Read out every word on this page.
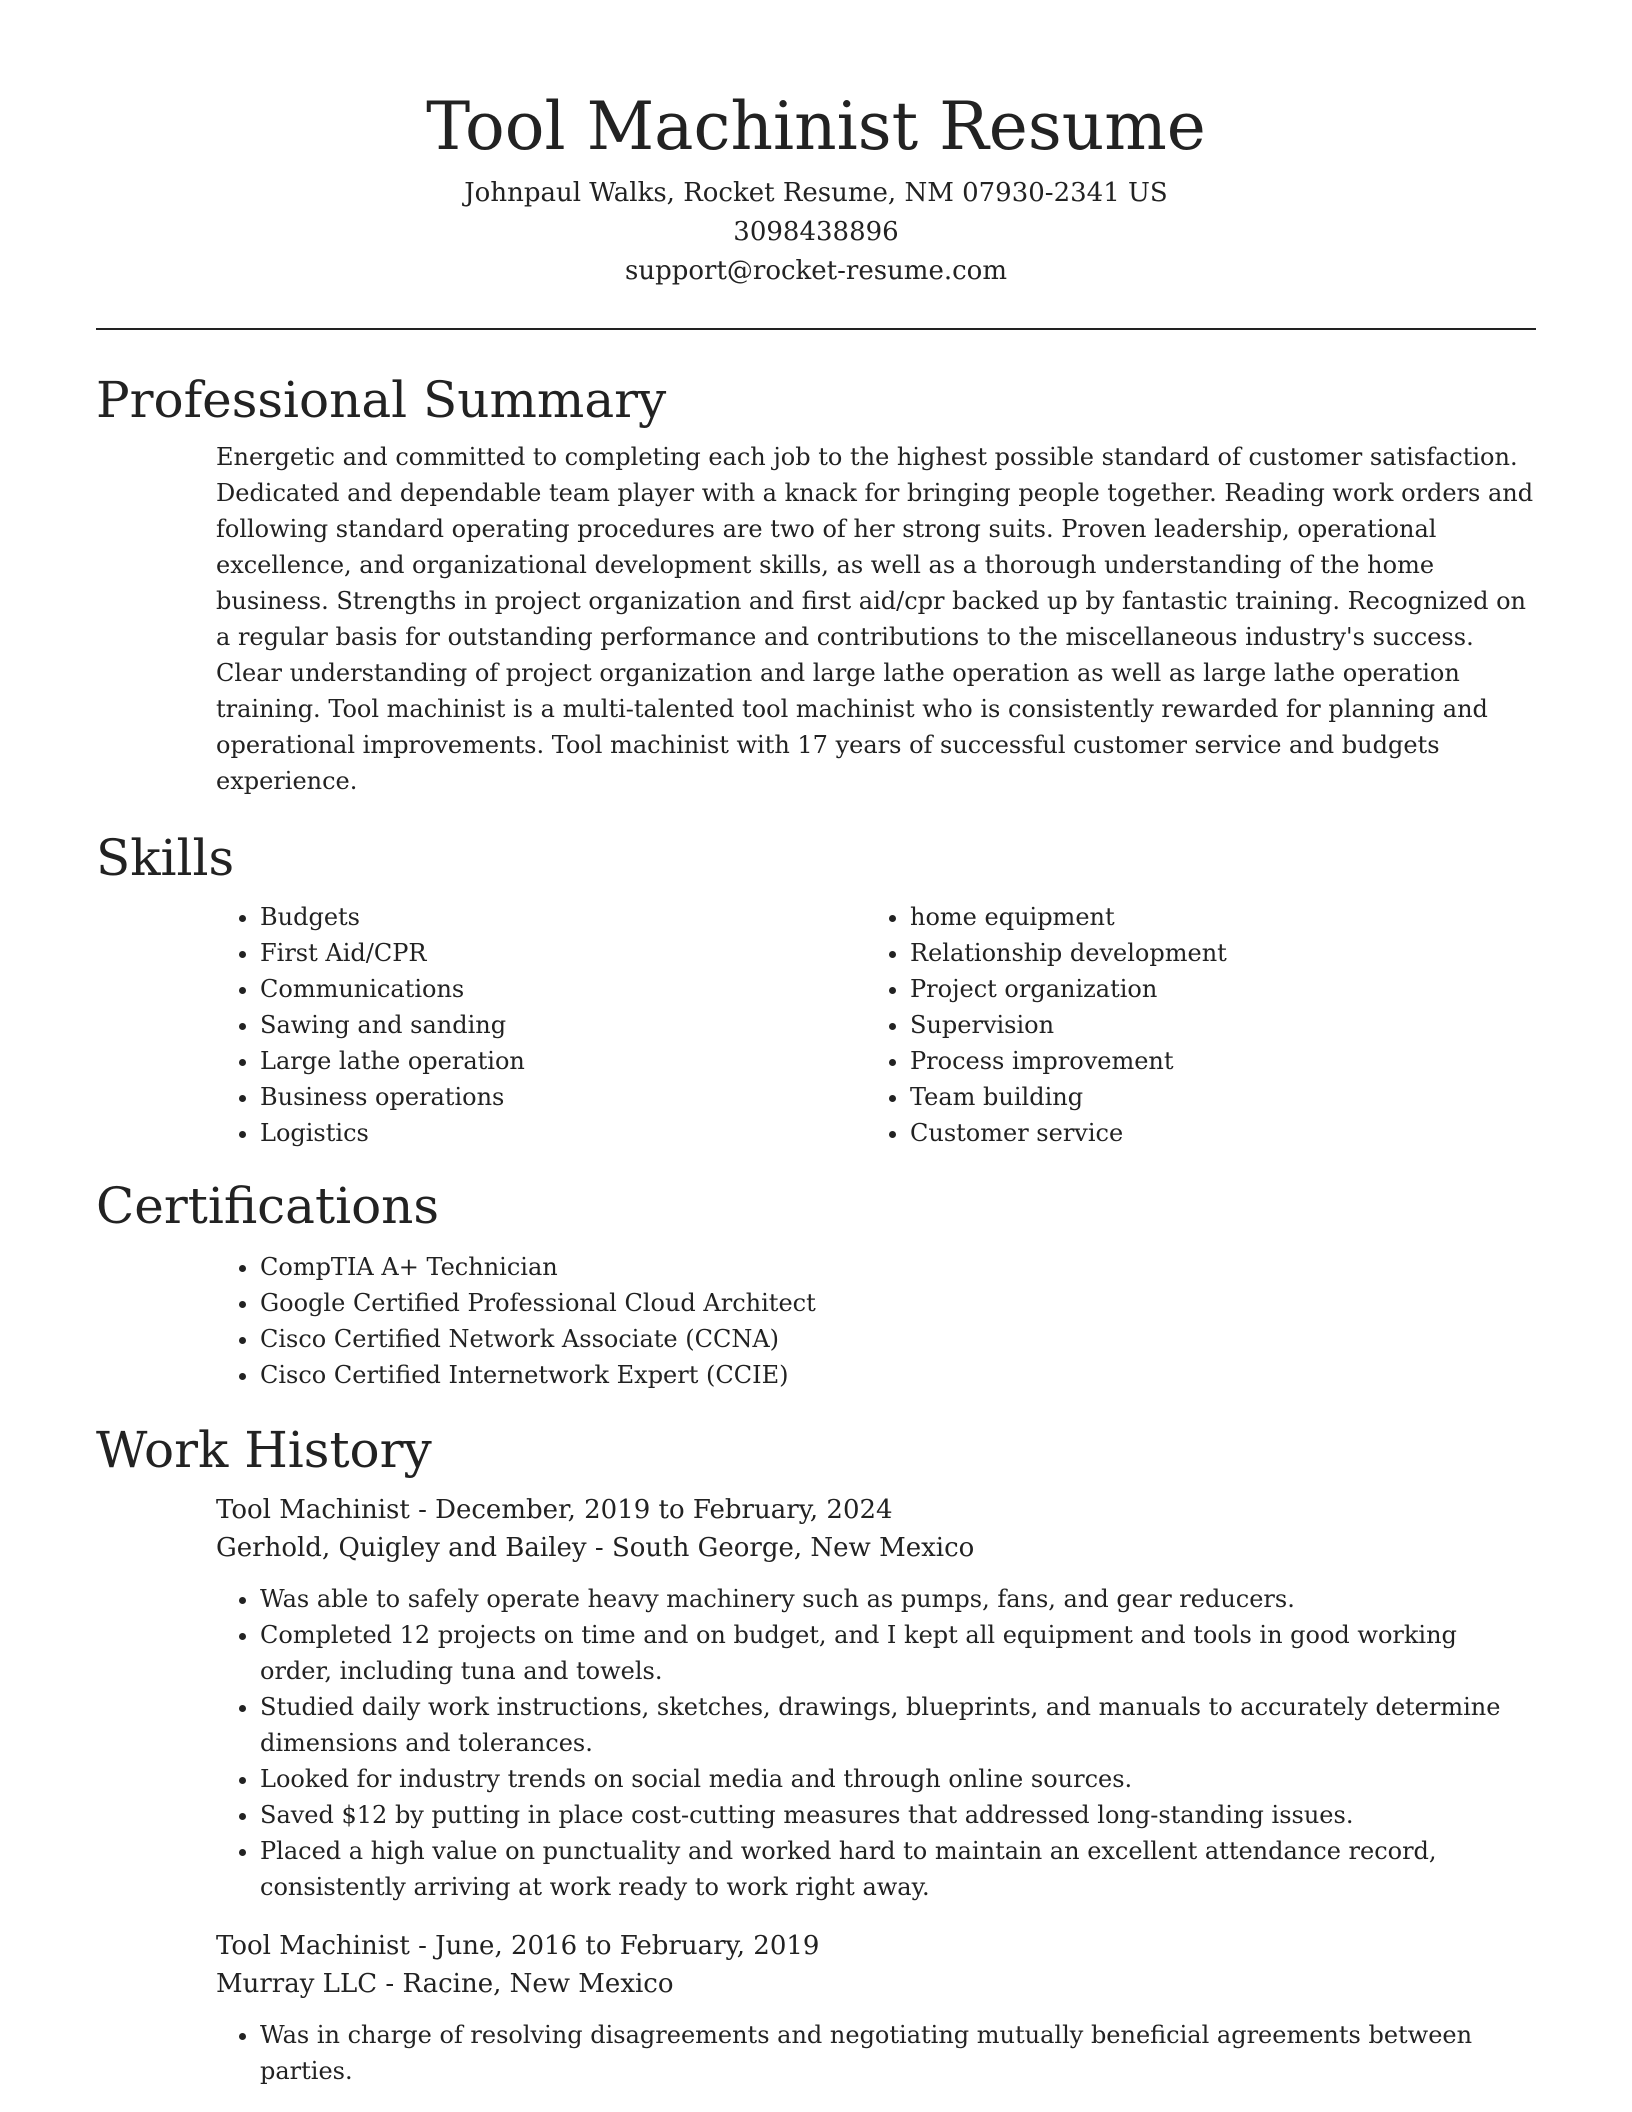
Tool Machinist Resume
Johnpaul Walks, Rocket Resume, NM 07930-2341 US
3098438896
support@rocket-resume.com
Professional Summary

Energetic and committed to completing each job to the highest possible standard of customer satisfaction. Dedicated and dependable team player with a knack for bringing people together. Reading work orders and following standard operating procedures are two of her strong suits. Proven leadership, operational excellence, and organizational development skills, as well as a thorough understanding of the home business. Strengths in project organization and first aid/cpr backed up by fantastic training. Recognized on a regular basis for outstanding performance and contributions to the miscellaneous industry's success. Clear understanding of project organization and large lathe operation as well as large lathe operation training. Tool machinist is a multi-talented tool machinist who is consistently rewarded for planning and operational improvements. Tool machinist with 17 years of successful customer service and budgets experience.

Skills
• Budgets
• First Aid/CPR
• Communications
• Sawing and sanding
• Large lathe operation
• Business operations
• Logistics
• home equipment
• Relationship development
• Project organization
• Supervision
• Process improvement
• Team building
• Customer service
Certifications
• CompTIA A+ Technician
• Google Certified Professional Cloud Architect
• Cisco Certified Network Associate (CCNA)
• Cisco Certified Internetwork Expert (CCIE)
Work History
Tool Machinist - December, 2019 to February, 2024
Gerhold, Quigley and Bailey - South George, New Mexico
• Was able to safely operate heavy machinery such as pumps, fans, and gear reducers.
• Completed 12 projects on time and on budget, and I kept all equipment and tools in good working order, including tuna and towels.
• Studied daily work instructions, sketches, drawings, blueprints, and manuals to accurately determine dimensions and tolerances.
• Looked for industry trends on social media and through online sources.
• Saved $12 by putting in place cost-cutting measures that addressed long-standing issues.
• Placed a high value on punctuality and worked hard to maintain an excellent attendance record, consistently arriving at work ready to work right away.
Tool Machinist - June, 2016 to February, 2019
Murray LLC - Racine, New Mexico
• Was in charge of resolving disagreements and negotiating mutually beneficial agreements between parties.
